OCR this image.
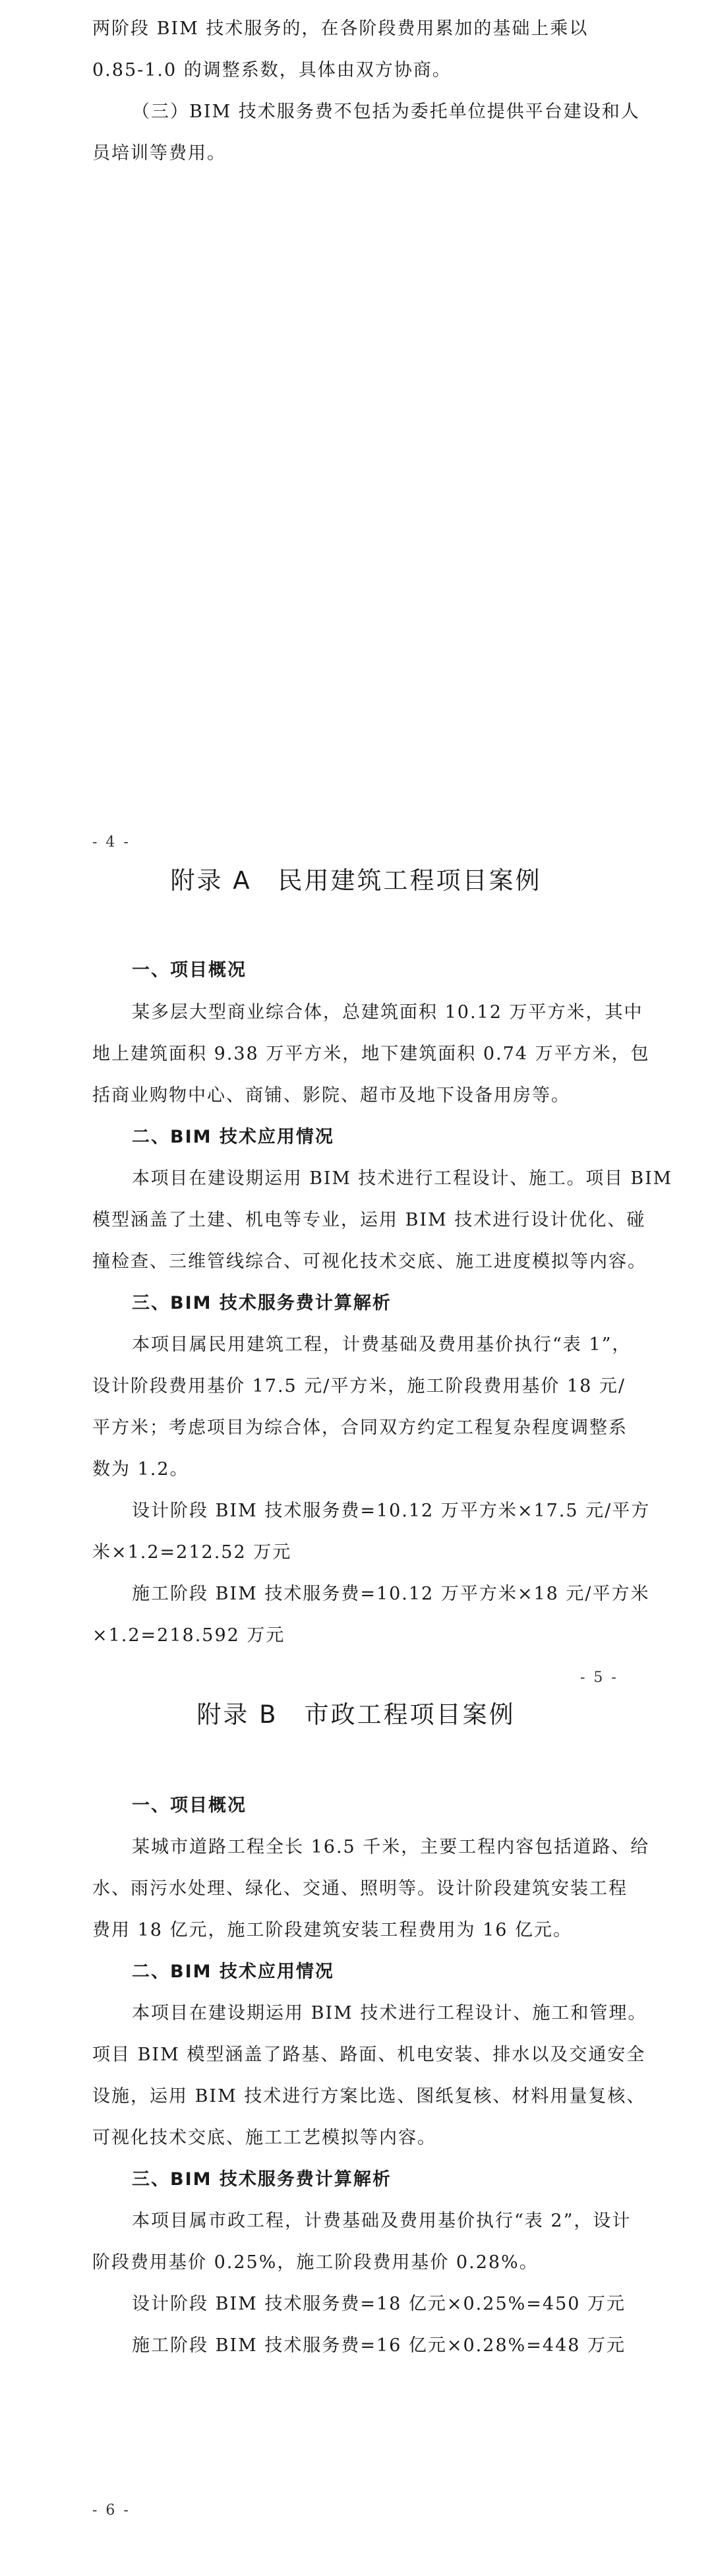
两阶段 BIM 技术服务的，在各阶段费用累加的基础上乘以

0.85-1.0 的调整系数，具体由双方协商。

（三）BIM 技术服务费不包括为委托单位提供平台建设和人

员培训等费用。

- 4 -

附录 A　民用建筑工程项目案例
一、项目概况

某多层大型商业综合体，总建筑面积 10.12 万平方米，其中

地上建筑面积 9.38 万平方米，地下建筑面积 0.74 万平方米，包

括商业购物中心、商铺、影院、超市及地下设备用房等。

二、BIM 技术应用情况

本项目在建设期运用 BIM 技术进行工程设计、施工。项目 BIM

模型涵盖了土建、机电等专业，运用 BIM 技术进行设计优化、碰

撞检查、三维管线综合、可视化技术交底、施工进度模拟等内容。

三、BIM 技术服务费计算解析

本项目属民用建筑工程，计费基础及费用基价执行“表 1”，

设计阶段费用基价 17.5 元/平方米，施工阶段费用基价 18 元/

平方米；考虑项目为综合体，合同双方约定工程复杂程度调整系

数为 1.2。

设计阶段 BIM 技术服务费=10.12 万平方米×17.5 元/平方

米×1.2=212.52 万元

施工阶段 BIM 技术服务费=10.12 万平方米×18 元/平方米

×1.2=218.592 万元

- 5 -

附录 B　市政工程项目案例
一、项目概况

某城市道路工程全长 16.5 千米，主要工程内容包括道路、给

水、雨污水处理、绿化、交通、照明等。设计阶段建筑安装工程

费用 18 亿元，施工阶段建筑安装工程费用为 16 亿元。

二、BIM 技术应用情况

本项目在建设期运用 BIM 技术进行工程设计、施工和管理。

项目 BIM 模型涵盖了路基、路面、机电安装、排水以及交通安全

设施，运用 BIM 技术进行方案比选、图纸复核、材料用量复核、

可视化技术交底、施工工艺模拟等内容。

三、BIM 技术服务费计算解析

本项目属市政工程，计费基础及费用基价执行“表 2”，设计

阶段费用基价 0.25%，施工阶段费用基价 0.28%。

设计阶段 BIM 技术服务费=18 亿元×0.25%=450 万元

施工阶段 BIM 技术服务费=16 亿元×0.28%=448 万元

- 6 -
